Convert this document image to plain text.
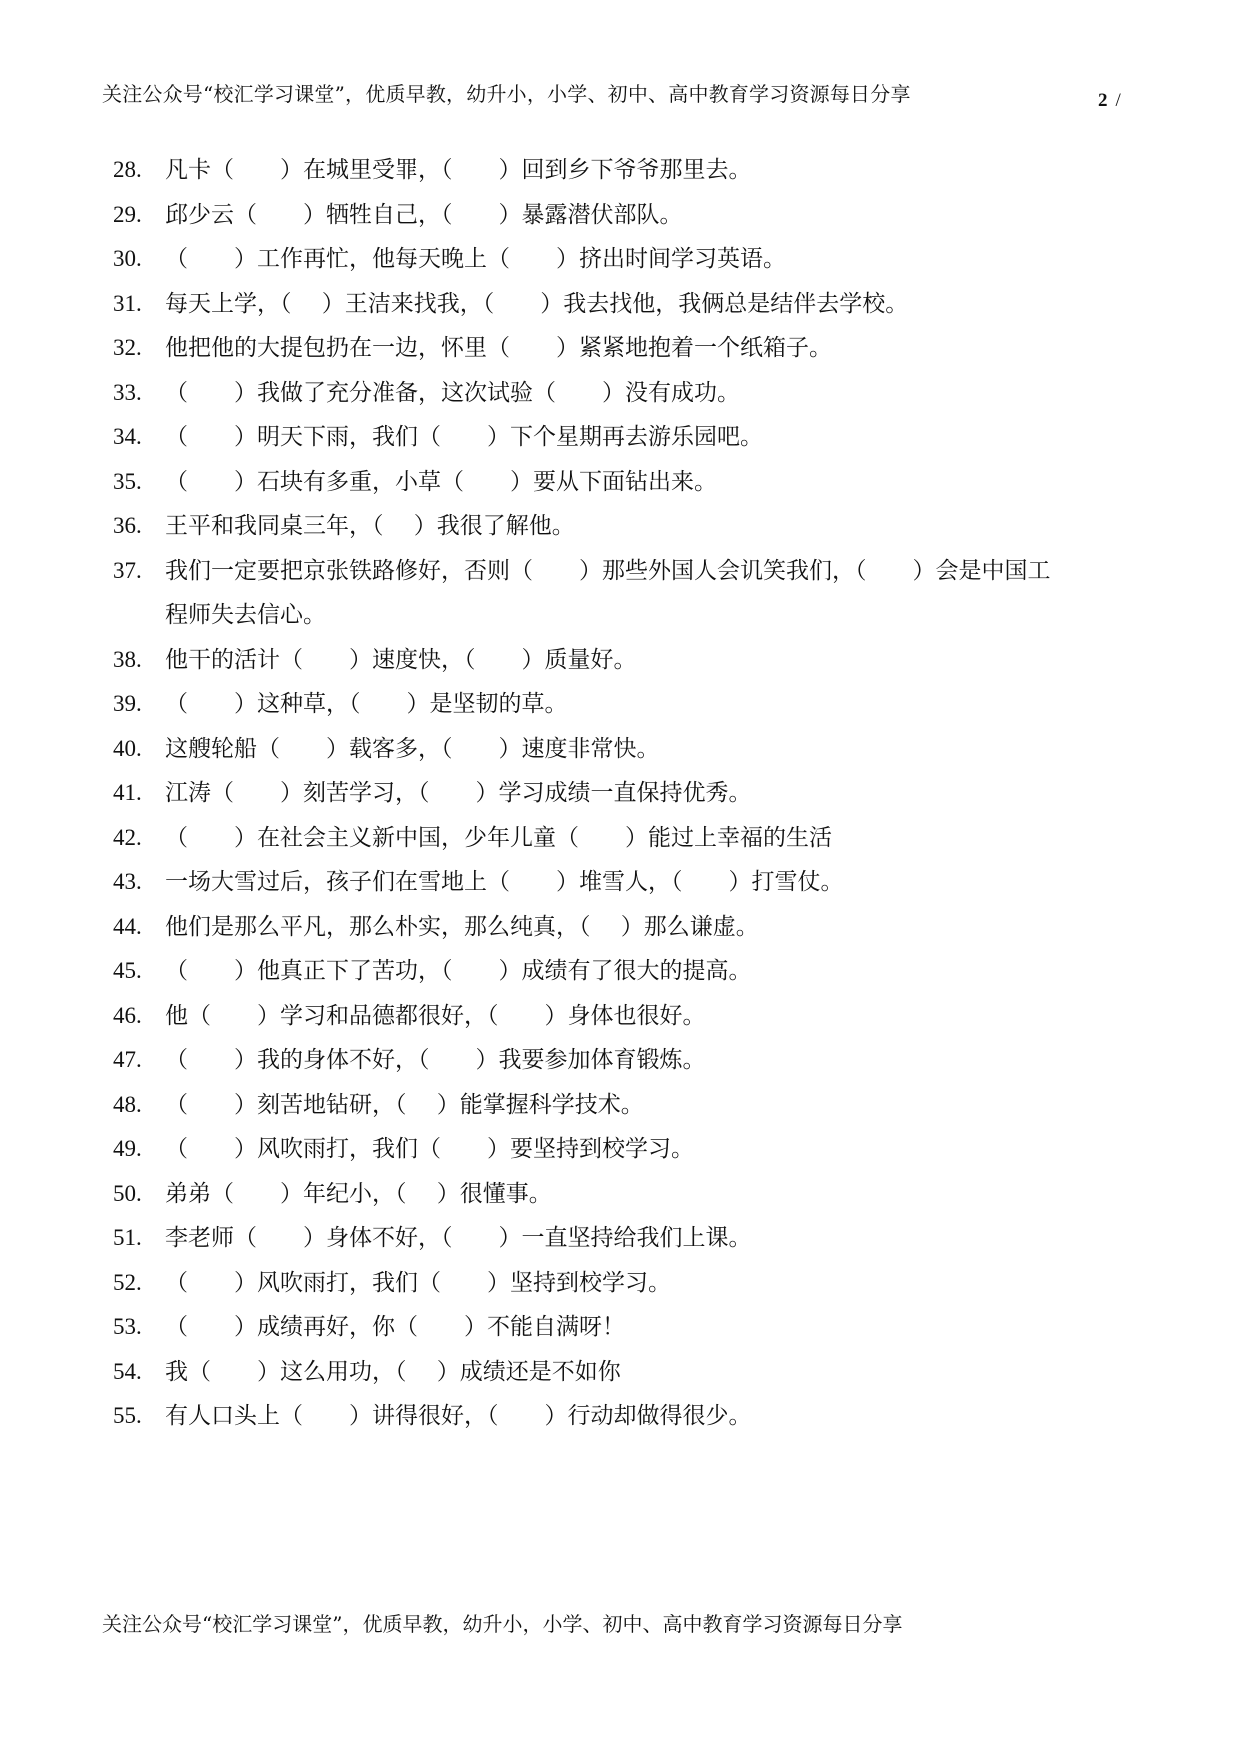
关注公众号“校汇学习课堂”，优质早教，幼升小，小学、初中、高中教育学习资源每日分享	2 /
28.	凡卡（　　）在城里受罪，（　　）回到乡下爷爷那里去。
29.	邱少云（　　）牺牲自己，（　　）暴露潜伏部队。
30.	（　　）工作再忙，他每天晚上（　　）挤出时间学习英语。
31.	每天上学，（　 ）王洁来找我，（　　）我去找他，我俩总是结伴去学校。
32.	他把他的大提包扔在一边，怀里（　　）紧紧地抱着一个纸箱子。
33.	（　　）我做了充分准备，这次试验（　　）没有成功。
34.	（　　）明天下雨，我们（　　）下个星期再去游乐园吧。
35.	（　　）石块有多重，小草（　　）要从下面钻出来。
36.	王平和我同桌三年，（　 ）我很了解他。
37.	我们一定要把京张铁路修好，否则（　　）那些外国人会讥笑我们，（　　）会是中国工
程师失去信心。
38.	他干的活计（　　）速度快，（　　）质量好。
39.	（　　）这种草，（　　）是坚韧的草。
40.	这艘轮船（　　）载客多，（　　）速度非常快。
41.	江涛（　　）刻苦学习，（　　）学习成绩一直保持优秀。
42.	（　　）在社会主义新中国，少年儿童（　　）能过上幸福的生活
43.	一场大雪过后，孩子们在雪地上（　　）堆雪人，（　　）打雪仗。
44.	他们是那么平凡，那么朴实，那么纯真，（　 ）那么谦虚。
45.	（　　）他真正下了苦功，（　　）成绩有了很大的提高。
46.	他（　　）学习和品德都很好，（　　）身体也很好。
47.	（　　）我的身体不好，（　　）我要参加体育锻炼。
48.	（　　）刻苦地钻研，（　 ）能掌握科学技术。
49.	（　　）风吹雨打，我们（　　）要坚持到校学习。
50.	弟弟（　　）年纪小，（　 ）很懂事。
51.	李老师（　　）身体不好，（　　）一直坚持给我们上课。
52.	（　　）风吹雨打，我们（　　）坚持到校学习。
53.	（　　）成绩再好，你（　　）不能自满呀！
54.	我（　　）这么用功，（　 ）成绩还是不如你
55.	有人口头上（　　）讲得很好，（　　）行动却做得很少。
关注公众号“校汇学习课堂”，优质早教，幼升小，小学、初中、高中教育学习资源每日分享
